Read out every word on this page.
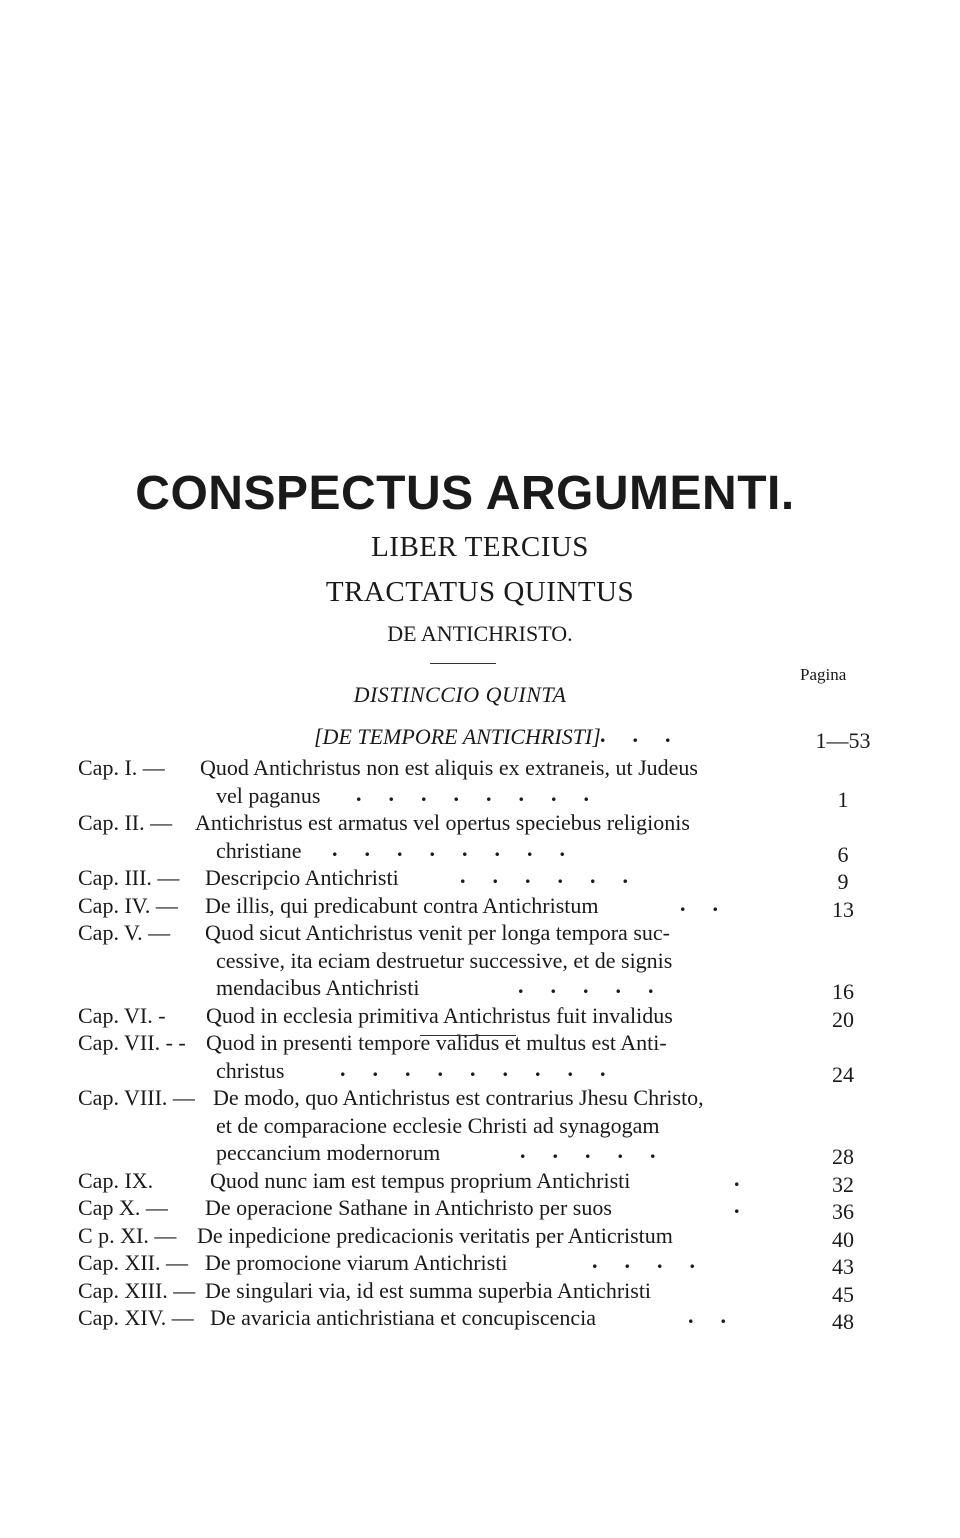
CONSPECTUS ARGUMENTI.
LIBER TERCIUS
TRACTATUS QUINTUS
DE ANTICHRISTO.
Pagina
DISTINCCIO QUINTA
[DE TEMPORE ANTICHRISTI] ...	1—53
Cap. I. — Quod Antichristus non est aliquis ex extraneis, ut Judeus
vel paganus ........	1
Cap. II. — Antichristus est armatus vel opertus speciebus religionis
christiane ........	6
Cap. III. — Descripcio Antichristi	......	9
Cap. IV. — De illis, qui predicabunt contra Antichristum	..	13
Cap. V. — Quod sicut Antichristus venit per longa tempora suc-
cessive, ita eciam destruetur successive, et de signis
mendacibus Antichristi	.....	16
Cap. VI. - Quod in ecclesia primitiva Antichristus fuit invalidus	20
Cap. VII. - - Quod in presenti tempore validus et multus est Anti-
christus	.........	24
Cap. VIII. — De modo, quo Antichristus est contrarius Jhesu Christo,
et de comparacione ecclesie Christi ad synagogam
peccancium modernorum	.....	28
Cap. IX.	Quod nunc iam est tempus proprium Antichristi	.	32
Cap X. — De operacione Sathane in Antichristo per suos	.	36
C p. XI. — De inpedicione predicacionis veritatis per Anticristum	40
Cap. XII. — De promocione viarum Antichristi	....	43
Cap. XIII. — De singulari via, id est summa superbia Antichristi	45
Cap. XIV. — De avaricia antichristiana et concupiscencia	..	48
